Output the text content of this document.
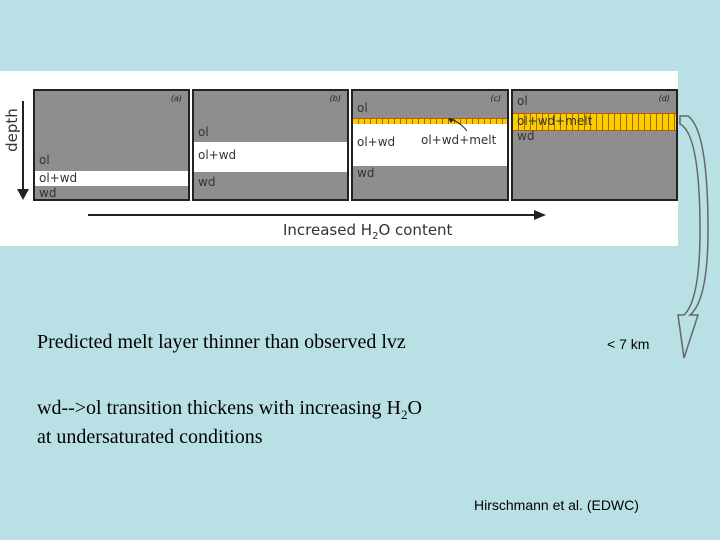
depth
(a)
ol
ol+wd
wd
(b)
ol
ol+wd
wd
(c)
ol
ol+wd ol+wd+melt
wd
(d)
ol
ol+wd+melt
wd
Increased $H_2O$ content
Predicted melt layer thinner than observed lvz	< 7 km
wd-->ol transition thickens with increasing $H_2O$
at undersaturated conditions
Hirschmann et al. (EDWC)
